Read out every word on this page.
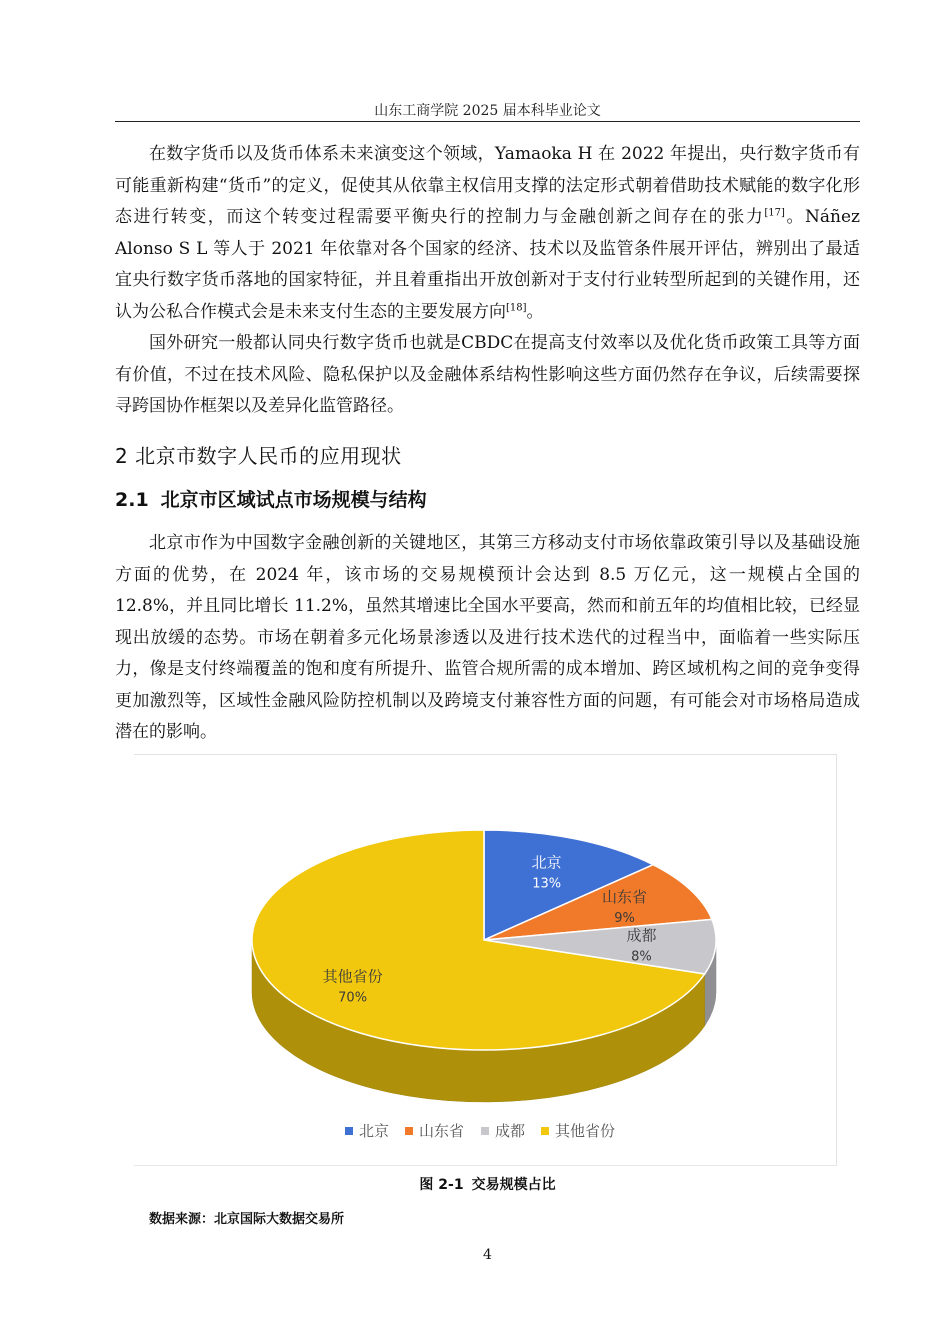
山东工商学院 2025 届本科毕业论文

在数字货币以及货币体系未来演变这个领域，Yamaoka H 在 2022 年提出，央行数字货币有可能重新构建“货币”的定义，促使其从依靠主权信用支撑的法定形式朝着借助技术赋能的数字化形态进行转变，而这个转变过程需要平衡央行的控制力与金融创新之间存在的张力[17]。Náñez Alonso S L 等人于 2021 年依靠对各个国家的经济、技术以及监管条件展开评估，辨别出了最适宜央行数字货币落地的国家特征，并且着重指出开放创新对于支付行业转型所起到的关键作用，还认为公私合作模式会是未来支付生态的主要发展方向[18]。

国外研究一般都认同央行数字货币也就是CBDC在提高支付效率以及优化货币政策工具等方面有价值，不过在技术风险、隐私保护以及金融体系结构性影响这些方面仍然存在争议，后续需要探寻跨国协作框架以及差异化监管路径。

2 北京市数字人民币的应用现状
2.1 北京市区域试点市场规模与结构

北京市作为中国数字金融创新的关键地区，其第三方移动支付市场依靠政策引导以及基础设施方面的优势，在 2024 年，该市场的交易规模预计会达到 8.5 万亿元，这一规模占全国的 12.8%，并且同比增长 11.2%，虽然其增速比全国水平要高，然而和前五年的均值相比较，已经显现出放缓的态势。市场在朝着多元化场景渗透以及进行技术迭代的过程当中，面临着一些实际压力，像是支付终端覆盖的饱和度有所提升、监管合规所需的成本增加、跨区域机构之间的竞争变得更加激烈等，区域性金融风险防控机制以及跨境支付兼容性方面的问题，有可能会对市场格局造成潜在的影响。

北京
13%
山东省
9%
成都
8%
其他省份
70%
北京 山东省 成都 其他省份
图 2-1 交易规模占比
数据来源：北京国际大数据交易所
4
